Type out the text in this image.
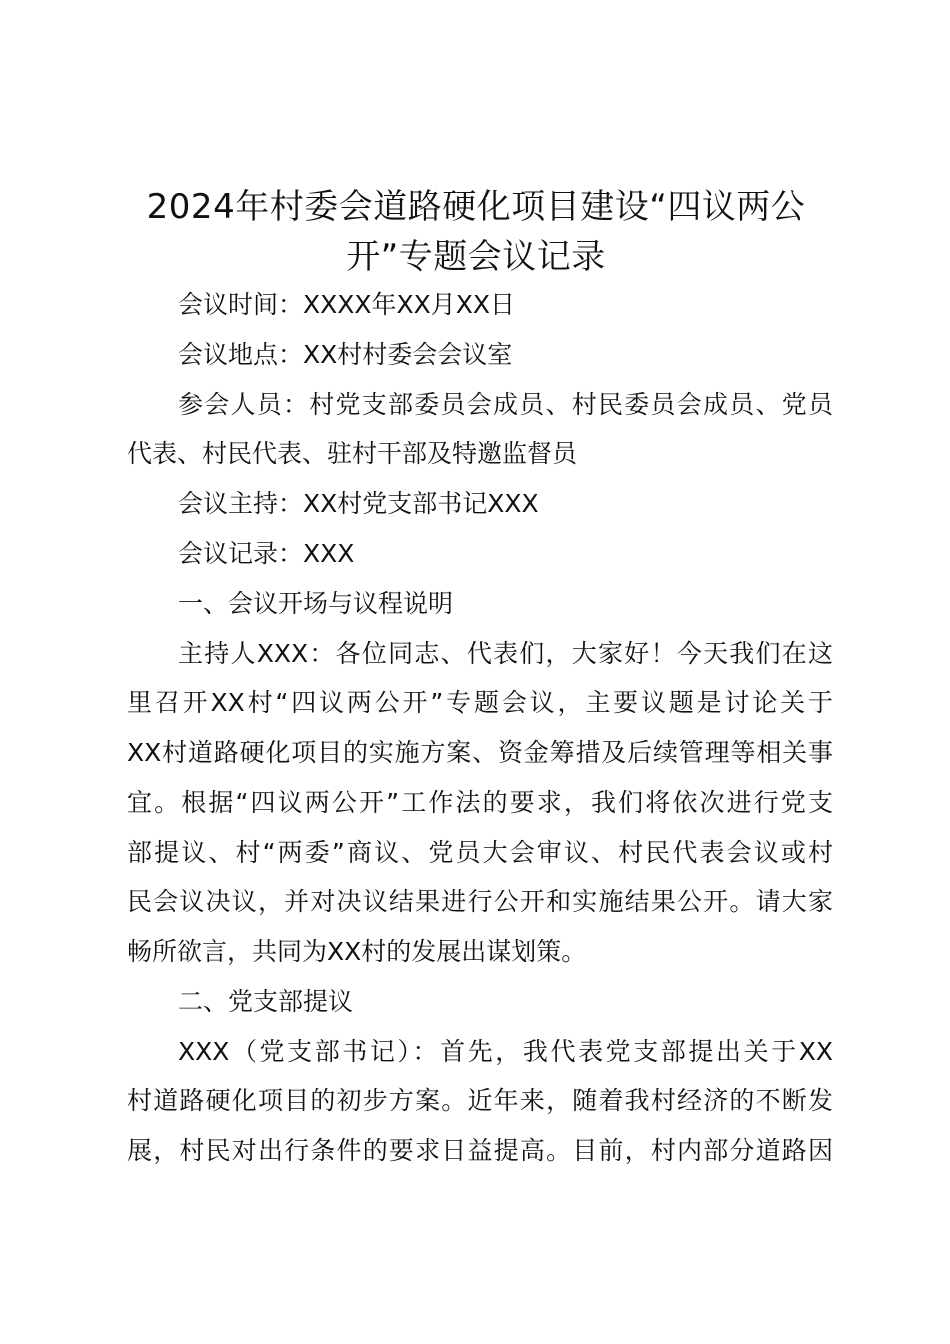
2024年村委会道路硬化项目建设“四议两公
开”专题会议记录
会议时间：XXXX年XX月XX日
会议地点：XX村村委会会议室
参会人员：村党支部委员会成员、村民委员会成员、党员
代表、村民代表、驻村干部及特邀监督员
会议主持：XX村党支部书记XXX
会议记录：XXX
一、会议开场与议程说明
主持人XXX：各位同志、代表们，大家好！今天我们在这
里召开XX村“四议两公开”专题会议，主要议题是讨论关于
XX村道路硬化项目的实施方案、资金筹措及后续管理等相关事
宜。根据“四议两公开”工作法的要求，我们将依次进行党支
部提议、村“两委”商议、党员大会审议、村民代表会议或村
民会议决议，并对决议结果进行公开和实施结果公开。请大家
畅所欲言，共同为XX村的发展出谋划策。
二、党支部提议
XXX（党支部书记）：首先，我代表党支部提出关于XX
村道路硬化项目的初步方案。近年来，随着我村经济的不断发
展，村民对出行条件的要求日益提高。目前，村内部分道路因
